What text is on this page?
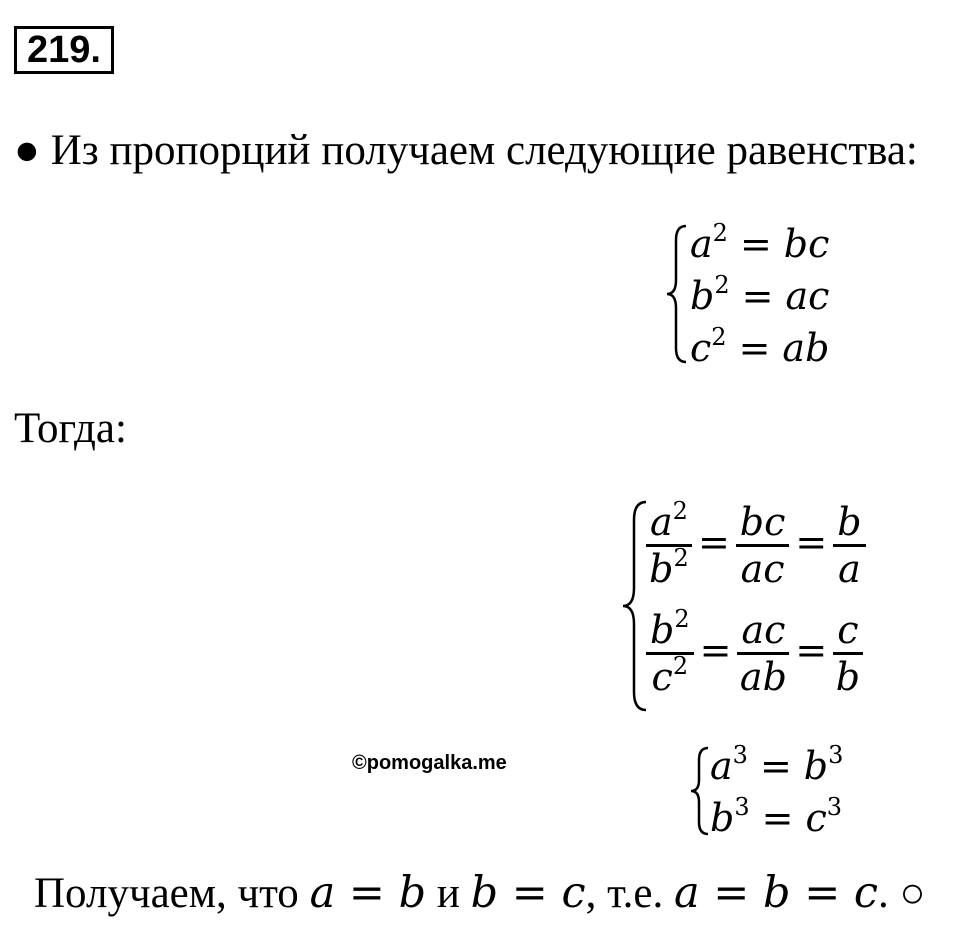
219.
● Из пропорций получаем следующие равенства:
$a^2$ = bc
$b^2$ = ac
$c^2$ = ab
Тогда:
$\frac{a^2}{b^2} = \frac{bc}{ac} = \frac{b}{a}$
$\frac{b^2}{c^2} = \frac{ac}{ab} = \frac{c}{b}$
©pomogalka.me	$a^3 = b^3$
$b^3 = c^3$
Получаем, что a = b и b = c, т.е. a = b = c. ○
